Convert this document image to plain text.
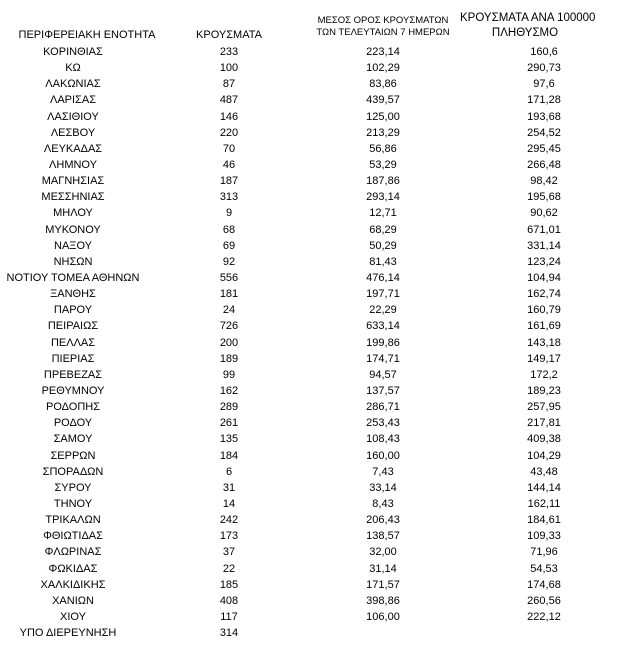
ΠΕΡΙΦΕΡΕΙΑΚΗ ΕΝΟΤΗΤΑ	ΚΡΟΥΣΜΑΤΑ
ΜΕΣΟΣ ΟΡΟΣ ΚΡΟΥΣΜΑΤΩΝ
ΤΩΝ ΤΕΛΕΥΤΑΙΩΝ 7 ΗΜΕΡΩΝ
ΚΡΟΥΣΜΑΤΑ ΑΝΑ 100000
ΠΛΗΘΥΣΜΟ
ΚΟΡΙΝΘΙΑΣ	233	223,14	160,6
ΚΩ	100	102,29	290,73
ΛΑΚΩΝΙΑΣ	87	83,86	97,6
ΛΑΡΙΣΑΣ	487	439,57	171,28
ΛΑΣΙΘΙΟΥ	146	125,00	193,68
ΛΕΣΒΟΥ	220	213,29	254,52
ΛΕΥΚΑΔΑΣ	70	56,86	295,45
ΛΗΜΝΟΥ	46	53,29	266,48
ΜΑΓΝΗΣΙΑΣ	187	187,86	98,42
ΜΕΣΣΗΝΙΑΣ	313	293,14	195,68
ΜΗΛΟΥ	9	12,71	90,62
ΜΥΚΟΝΟΥ	68	68,29	671,01
ΝΑΞΟΥ	69	50,29	331,14
ΝΗΣΩΝ	92	81,43	123,24
ΝΟΤΙΟΥ ΤΟΜΕΑ ΑΘΗΝΩΝ	556	476,14	104,94
ΞΑΝΘΗΣ	181	197,71	162,74
ΠΑΡΟΥ	24	22,29	160,79
ΠΕΙΡΑΙΩΣ	726	633,14	161,69
ΠΕΛΛΑΣ	200	199,86	143,18
ΠΙΕΡΙΑΣ	189	174,71	149,17
ΠΡΕΒΕΖΑΣ	99	94,57	172,2
ΡΕΘΥΜΝΟΥ	162	137,57	189,23
ΡΟΔΟΠΗΣ	289	286,71	257,95
ΡΟΔΟΥ	261	253,43	217,81
ΣΑΜΟΥ	135	108,43	409,38
ΣΕΡΡΩΝ	184	160,00	104,29
ΣΠΟΡΑΔΩΝ	6	7,43	43,48
ΣΥΡΟΥ	31	33,14	144,14
ΤΗΝΟΥ	14	8,43	162,11
ΤΡΙΚΑΛΩΝ	242	206,43	184,61
ΦΘΙΩΤΙΔΑΣ	173	138,57	109,33
ΦΛΩΡΙΝΑΣ	37	32,00	71,96
ΦΩΚΙΔΑΣ	22	31,14	54,53
ΧΑΛΚΙΔΙΚΗΣ	185	171,57	174,68
ΧΑΝΙΩΝ	408	398,86	260,56
ΧΙΟΥ	117	106,00	222,12
ΥΠΟ ΔΙΕΡΕΥΝΗΣΗ	314
